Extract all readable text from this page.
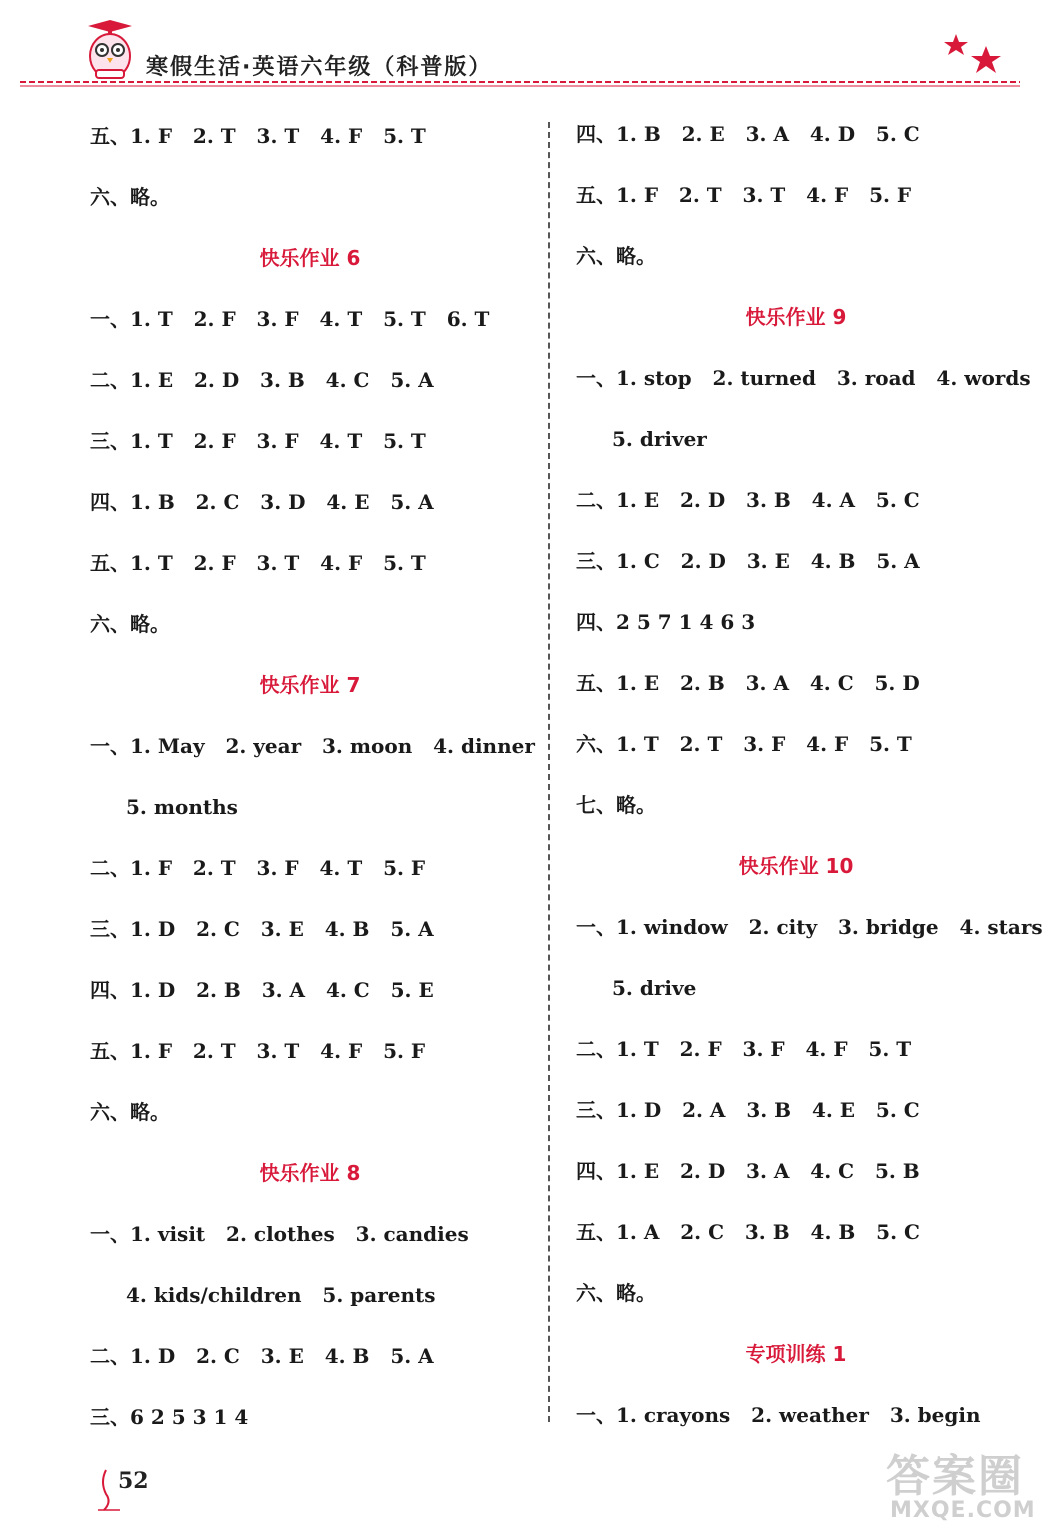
寒假生活·英语六年级（科普版）
五、1. F   2. T   3. T   4. F   5. T
六、略。
快乐作业 6
一、1. T   2. F   3. F   4. T   5. T   6. T
二、1. E   2. D   3. B   4. C   5. A
三、1. T   2. F   3. F   4. T   5. T
四、1. B   2. C   3. D   4. E   5. A
五、1. T   2. F   3. T   4. F   5. T
六、略。
快乐作业 7
一、1. May   2. year   3. moon   4. dinner
5. months
二、1. F   2. T   3. F   4. T   5. F
三、1. D   2. C   3. E   4. B   5. A
四、1. D   2. B   3. A   4. C   5. E
五、1. F   2. T   3. T   4. F   5. F
六、略。
快乐作业 8
一、1. visit   2. clothes   3. candies
4. kids/children   5. parents
二、1. D   2. C   3. E   4. B   5. A
三、6 2 5 3 1 4
四、1. B   2. E   3. A   4. D   5. C
五、1. F   2. T   3. T   4. F   5. F
六、略。
快乐作业 9
一、1. stop   2. turned   3. road   4. words
5. driver
二、1. E   2. D   3. B   4. A   5. C
三、1. C   2. D   3. E   4. B   5. A
四、2 5 7 1 4 6 3
五、1. E   2. B   3. A   4. C   5. D
六、1. T   2. T   3. F   4. F   5. T
七、略。
快乐作业 10
一、1. window   2. city   3. bridge   4. stars
5. drive
二、1. T   2. F   3. F   4. F   5. T
三、1. D   2. A   3. B   4. E   5. C
四、1. E   2. D   3. A   4. C   5. B
五、1. A   2. C   3. B   4. B   5. C
六、略。
专项训练 1
一、1. crayons   2. weather   3. begin
52	答案圈
MXQE.COM
